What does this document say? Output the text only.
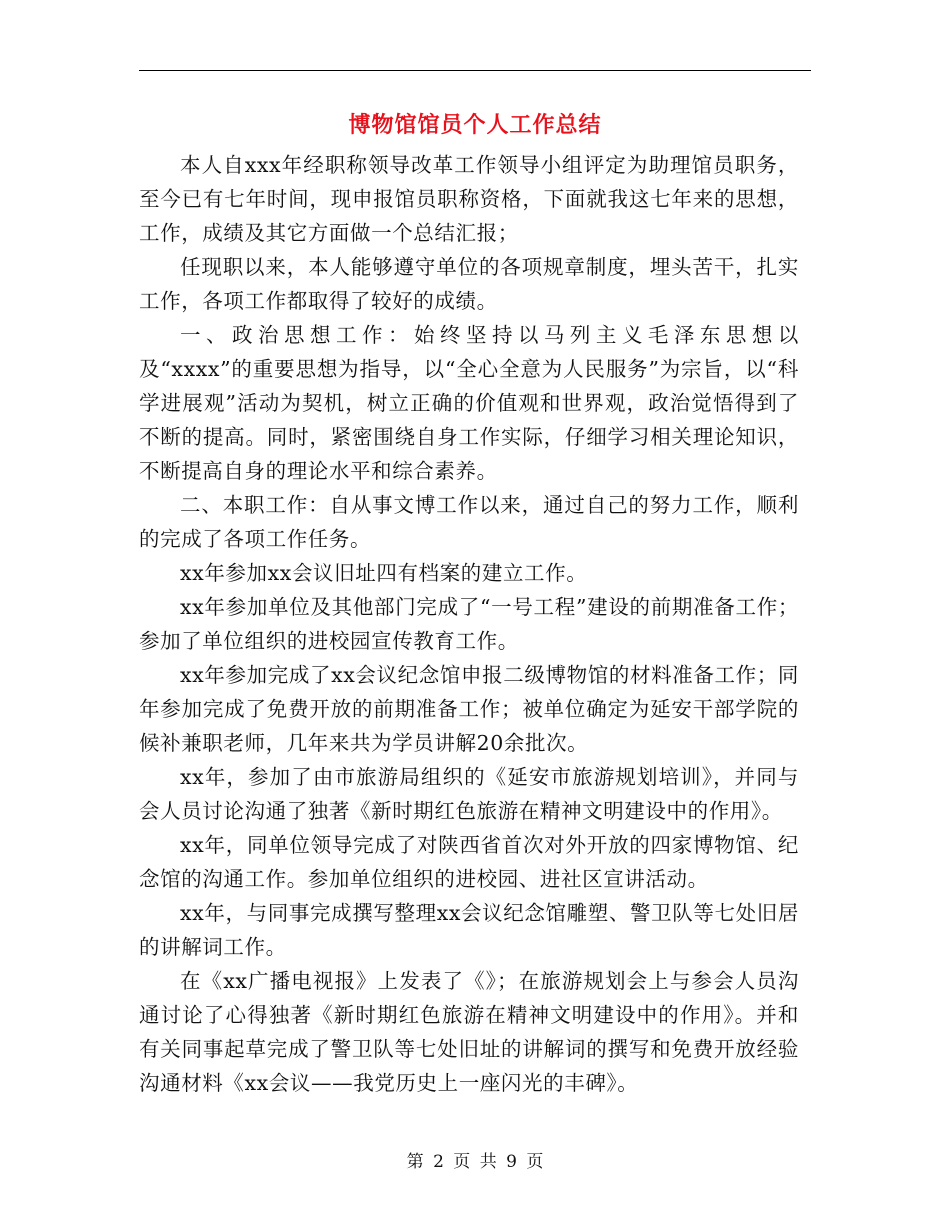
博物馆馆员个人工作总结

本人自xxx年经职称领导改革工作领导小组评定为助理馆员职务，至今已有七年时间，现申报馆员职称资格，下面就我这七年来的思想，工作，成绩及其它方面做一个总结汇报；

任现职以来，本人能够遵守单位的各项规章制度，埋头苦干，扎实工作，各项工作都取得了较好的成绩。

一、政治思想工作：始终坚持以马列主义毛泽东思想以及“xxxx”的重要思想为指导，以“全心全意为人民服务”为宗旨，以“科学进展观”活动为契机，树立正确的价值观和世界观，政治觉悟得到了不断的提高。同时，紧密围绕自身工作实际，仔细学习相关理论知识，不断提高自身的理论水平和综合素养。

二、本职工作：自从事文博工作以来，通过自己的努力工作，顺利的完成了各项工作任务。

xx年参加xx会议旧址四有档案的建立工作。

xx年参加单位及其他部门完成了“一号工程”建设的前期准备工作；参加了单位组织的进校园宣传教育工作。

xx年参加完成了xx会议纪念馆申报二级博物馆的材料准备工作；同年参加完成了免费开放的前期准备工作；被单位确定为延安干部学院的候补兼职老师，几年来共为学员讲解20余批次。

xx年，参加了由市旅游局组织的《延安市旅游规划培训》，并同与会人员讨论沟通了独著《新时期红色旅游在精神文明建设中的作用》。

xx年，同单位领导完成了对陕西省首次对外开放的四家博物馆、纪念馆的沟通工作。参加单位组织的进校园、进社区宣讲活动。

xx年，与同事完成撰写整理xx会议纪念馆雕塑、警卫队等七处旧居的讲解词工作。

在《xx广播电视报》上发表了《》；在旅游规划会上与参会人员沟通讨论了心得独著《新时期红色旅游在精神文明建设中的作用》。并和有关同事起草完成了警卫队等七处旧址的讲解词的撰写和免费开放经验沟通材料《xx会议——我党历史上一座闪光的丰碑》。

第 2 页 共 9 页
